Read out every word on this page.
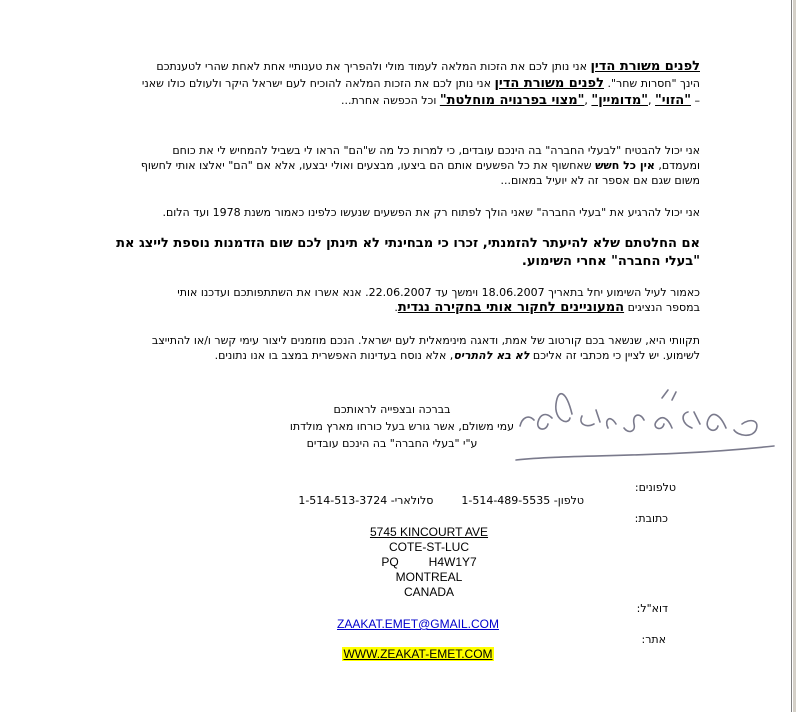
לפנים משורת הדין אני נותן לכם את הזכות המלאה לעמוד מולי ולהפריך את טענותיי אחת לאחת שהרי לטענתכם
הינך "חסרות שחר". לפנים משורת הדין אני נותן לכם את הזכות המלאה להוכיח לעם ישראל היקר ולעולם כולו שאני
– "הזוי" ,"מדומיין" ,"מצוי בפרנויה מוחלטת" וכל הכפשה אחרת...
אני יכול להבטיח "לבעלי החברה" בה הינכם עובדים, כי למרות כל מה ש"הם" הראו לי בשביל להמחיש לי את כוחם
ומעמדם, אין כל חשש שאחשוף את כל הפשעים אותם הם ביצעו, מבצעים ואולי יבצעו, אלא אם "הם" יאלצו אותי לחשוף
משום שגם אם אספר זה לא יועיל במאום...
אני יכול להרגיע את "בעלי החברה" שאני הולך לפתוח רק את הפשעים שנעשו כלפינו כאמור משנת 1978 ועד הלום.
אם החלטתם שלא להיעתר להזמנתי, זכרו כי מבחינתי לא תינתן לכם שום הזדמנות נוספת לייצג את
"בעלי החברה" אחרי השימוע.
כאמור לעיל השימוע יחל בתאריך 18.06.2007 וימשך עד 22.06.2007. אנא אשרו את השתתפותכם ועדכנו אותי
במספר הנציגים המעוניינים לחקור אותי בחקירה נגדית.
תקוותי היא, שנשאר בכם קורטוב של אמת, ודאגה מינימאלית לעם ישראל. הנכם מוזמנים ליצור עימי קשר ו/או להתייצב
לשימוע. יש לציין כי מכתבי זה אליכם לא בא להתריס, אלא נוסח בעדינות האפשרית במצב בו אנו נתונים.
בברכה ובצפייה לראותכם
עמי משולם, אשר גורש בעל כורחו מארץ מולדתו
ע"י "בעלי החברה" בה הינכם עובדים
טלפונים:
טלפון- 1-514-489-5535        סלולארי- 1-514-513-3724
כתובת:
5745 KINCOURT AVE
COTE-ST-LUC
PQ         H4W1Y7
MONTREAL
CANADA
דוא"ל:
ZAAKAT.EMET@GMAIL.COM
אתר:
WWW.ZEAKAT-EMET.COM
